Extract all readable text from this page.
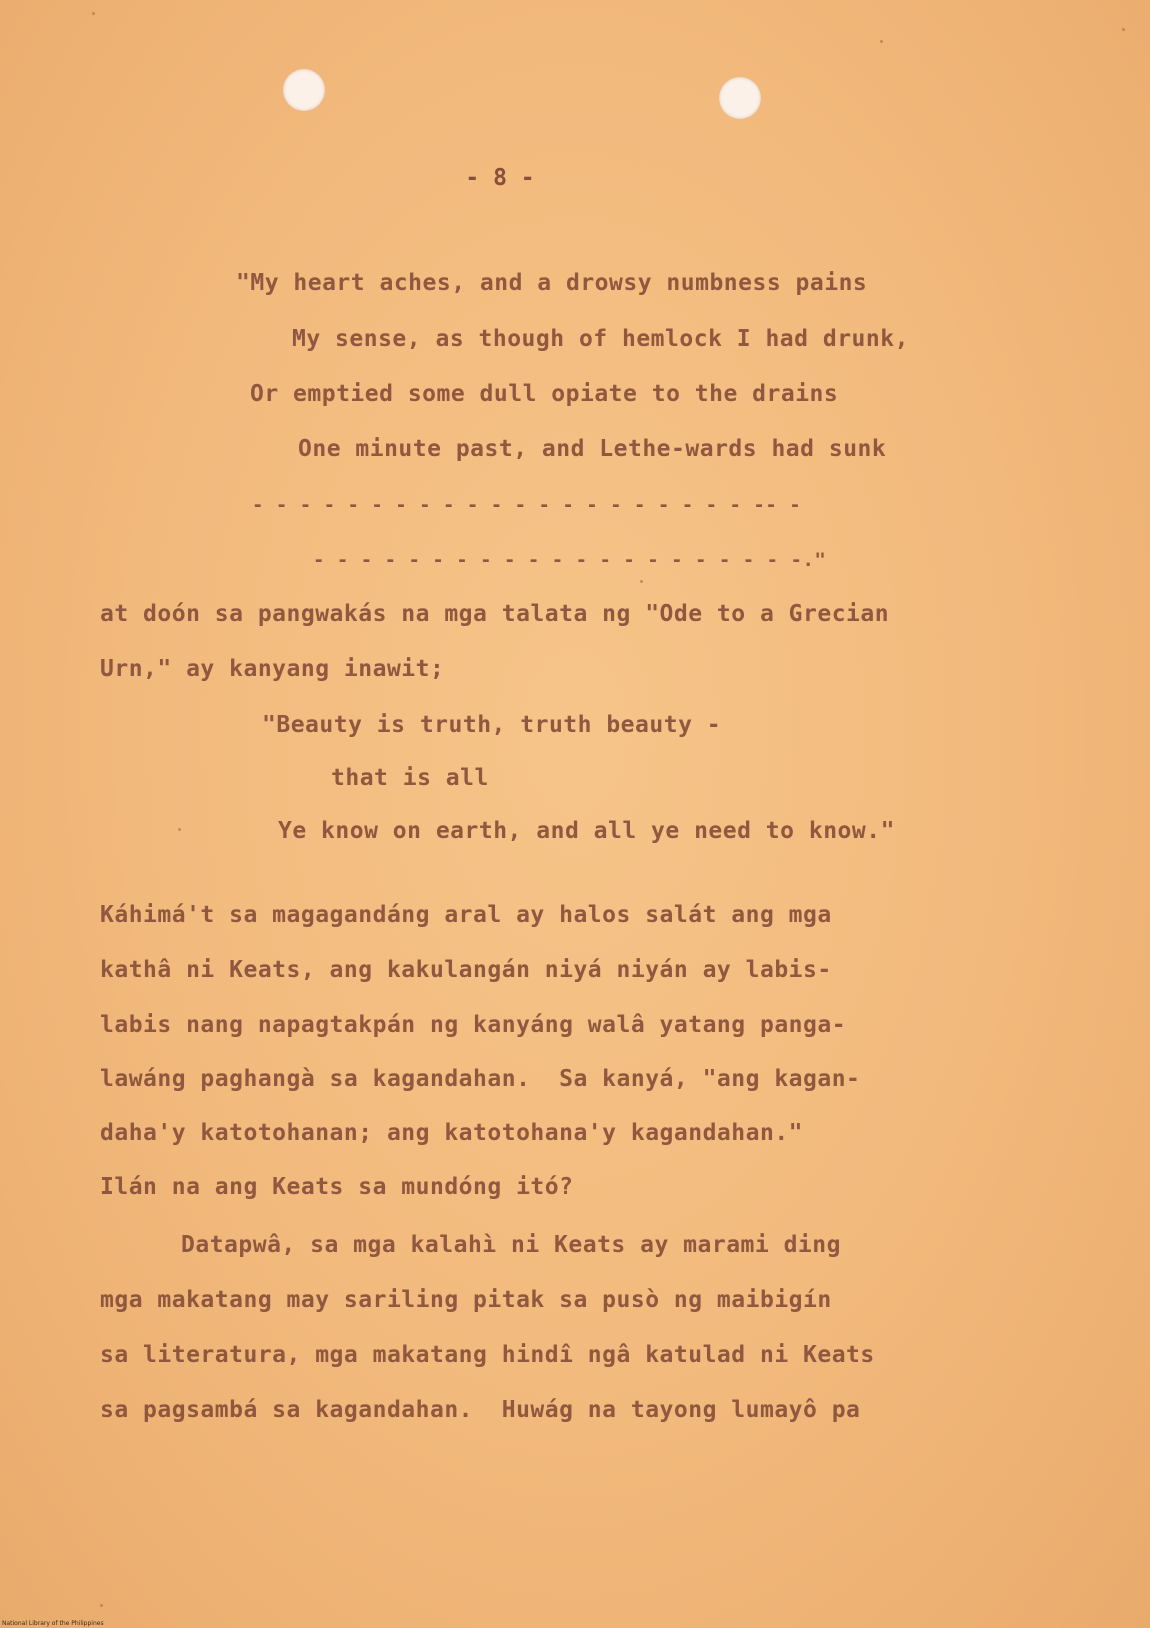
- 8 -
"My heart aches, and a drowsy numbness pains
My sense, as though of hemlock I had drunk,
Or emptied some dull opiate to the drains
One minute past, and Lethe-wards had sunk
- - - - - - - - - - - - - - - - - - - - - -- -
- - - - - - - - - - - - - - - - - - - - -."
at doón sa pangwakás na mga talata ng "Ode to a Grecian
Urn," ay kanyang inawit;
"Beauty is truth, truth beauty -
that is all
Ye know on earth, and all ye need to know."
Káhimá't sa magagandáng aral ay halos salát ang mga
kathâ ni Keats, ang kakulangán niyá niyán ay labis-
labis nang napagtakpán ng kanyáng walâ yatang panga-
lawáng paghangà sa kagandahan.  Sa kanyá, "ang kagan-
daha'y katotohanan; ang katotohana'y kagandahan."
Ilán na ang Keats sa mundóng itó?
Datapwâ, sa mga kalahì ni Keats ay marami ding
mga makatang may sariling pitak sa pusò ng maibigín
sa literatura, mga makatang hindî ngâ katulad ni Keats
sa pagsambá sa kagandahan.  Huwág na tayong lumayô pa
National Library of the Philippines
